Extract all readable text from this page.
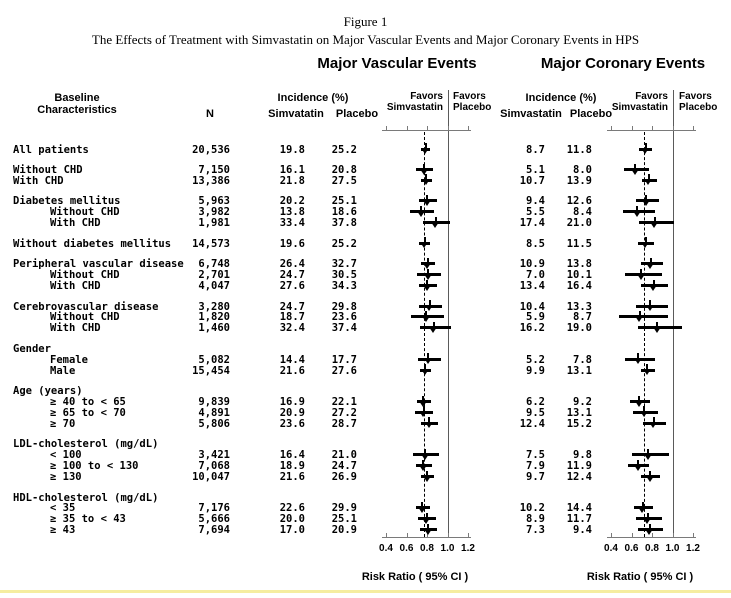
Figure 1
The Effects of Treatment with Simvastatin on Major Vascular Events and Major Coronary Events in HPS
Major Vascular Events	Major Coronary Events
Baseline
Characteristics	N
Incidence (%)
Simvatatin	Placebo
Favors
Simvastatin
Favors
Placebo
Incidence (%)
Simvastatin Placebo
Favors
Simvastatin
Favors
Placebo
All patients	20,536	19.8	25.2	8.7	11.8
Without CHD	7,150	16.1	20.8	5.1	8.0
With CHD	13,386	21.8	27.5	10.7	13.9
Diabetes mellitus	5,963	20.2	25.1	9.4	12.6
Without CHD	3,982	13.8	18.6	5.5	8.4
With CHD	1,981	33.4	37.8	17.4	21.0
Without diabetes mellitus	14,573	19.6	25.2	8.5	11.5
Peripheral vascular disease	6,748	26.4	32.7	10.9	13.8
Without CHD	2,701	24.7	30.5	7.0	10.1
With CHD	4,047	27.6	34.3	13.4	16.4
Cerebrovascular disease	3,280	24.7	29.8	10.4	13.3
Without CHD	1,820	18.7	23.6	5.9	8.7
With CHD	1,460	32.4	37.4	16.2	19.0
Gender
Female	5,082	14.4	17.7	5.2	7.8
Male	15,454	21.6	27.6	9.9	13.1
Age (years)
≥ 40 to < 65	9,839	16.9	22.1	6.2	9.2
≥ 65 to < 70	4,891	20.9	27.2	9.5	13.1
≥ 70	5,806	23.6	28.7	12.4	15.2
LDL-cholesterol (mg/dL)
< 100	3,421	16.4	21.0	7.5	9.8
≥ 100 to < 130	7,068	18.9	24.7	7.9	11.9
≥ 130	10,047	21.6	26.9	9.7	12.4
HDL-cholesterol (mg/dL)
< 35	7,176	22.6	29.9	10.2	14.4
≥ 35 to < 43	5,666	20.0	25.1	8.9	11.7
≥ 43	7,694	17.0	20.9	7.3	9.4
0.4 0.6 0.8 1.0 1.2	0.4 0.6 0.8 1.0 1.2
Risk Ratio ( 95% CI )	Risk Ratio ( 95% CI )
